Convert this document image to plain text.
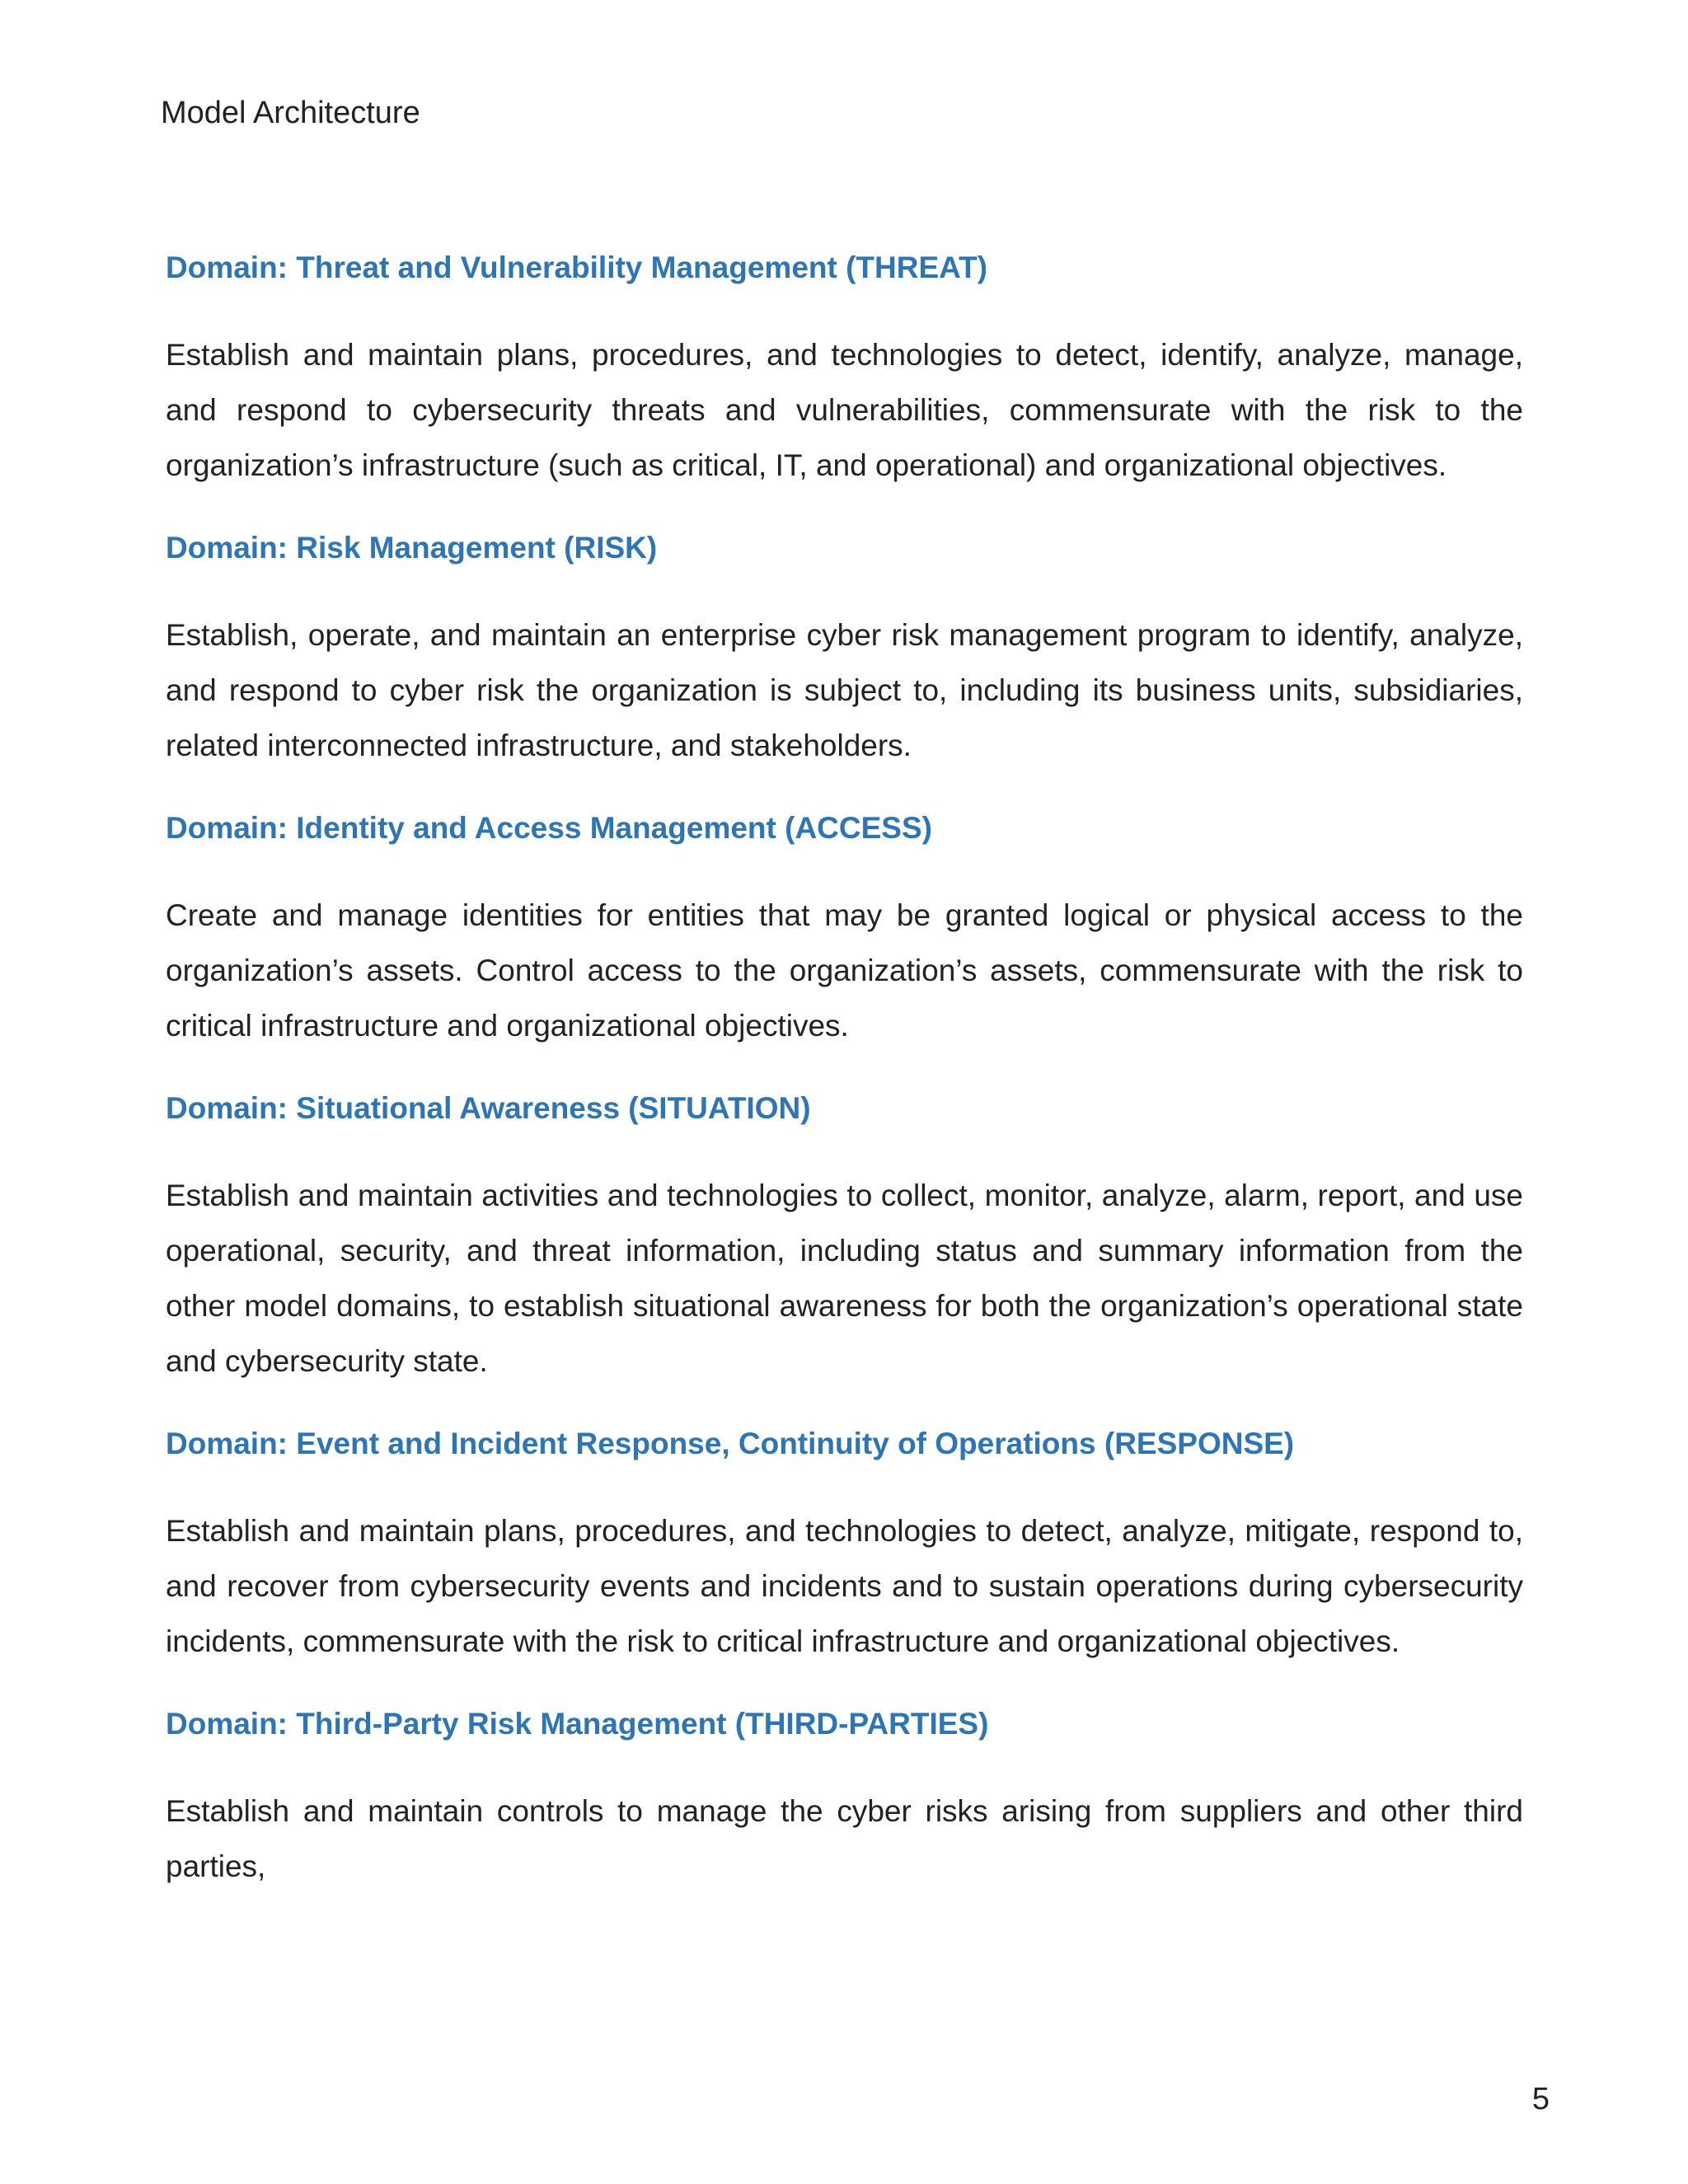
Model Architecture
Domain: Threat and Vulnerability Management (THREAT)

Establish and maintain plans, procedures, and technologies to detect, identify, analyze, manage, and respond to cybersecurity threats and vulnerabilities, commensurate with the risk to the organization’s infrastructure (such as critical, IT, and operational) and organizational objectives.

Domain: Risk Management (RISK)

Establish, operate, and maintain an enterprise cyber risk management program to identify, analyze, and respond to cyber risk the organization is subject to, including its business units, subsidiaries, related interconnected infrastructure, and stakeholders.

Domain: Identity and Access Management (ACCESS)

Create and manage identities for entities that may be granted logical or physical access to the organization’s assets. Control access to the organization’s assets, commensurate with the risk to critical infrastructure and organizational objectives.

Domain: Situational Awareness (SITUATION)

Establish and maintain activities and technologies to collect, monitor, analyze, alarm, report, and use operational, security, and threat information, including status and summary information from the other model domains, to establish situational awareness for both the organization’s operational state and cybersecurity state.

Domain: Event and Incident Response, Continuity of Operations (RESPONSE)

Establish and maintain plans, procedures, and technologies to detect, analyze, mitigate, respond to, and recover from cybersecurity events and incidents and to sustain operations during cybersecurity incidents, commensurate with the risk to critical infrastructure and organizational objectives.

Domain: Third-Party Risk Management (THIRD-PARTIES)

Establish and maintain controls to manage the cyber risks arising from suppliers and other third parties,

5
